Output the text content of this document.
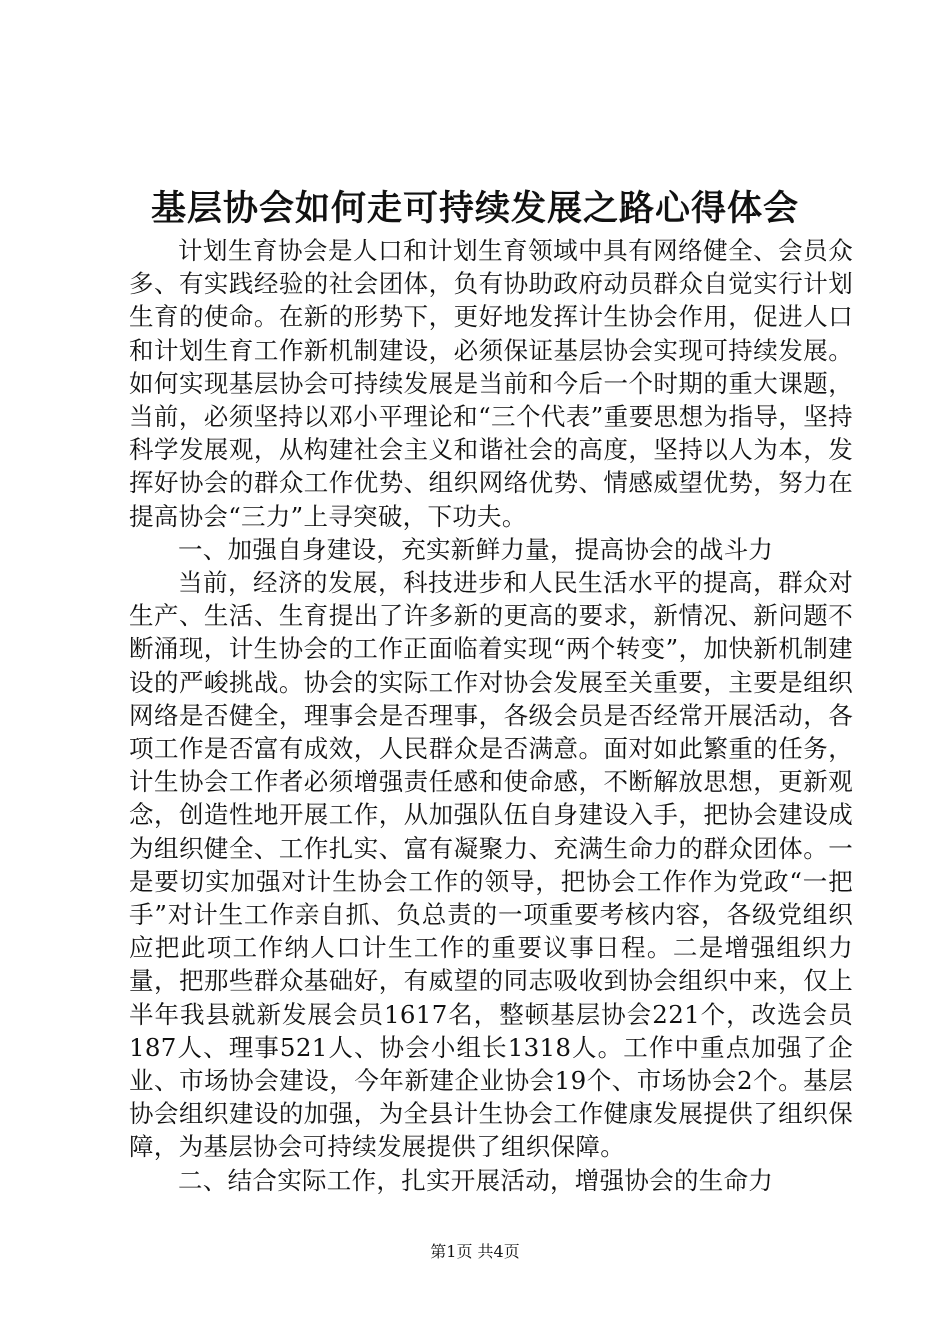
基层协会如何走可持续发展之路心得体会

计划生育协会是人口和计划生育领域中具有网络健全、会员众多、有实践经验的社会团体，负有协助政府动员群众自觉实行计划生育的使命。在新的形势下，更好地发挥计生协会作用，促进人口和计划生育工作新机制建设，必须保证基层协会实现可持续发展。如何实现基层协会可持续发展是当前和今后一个时期的重大课题，当前，必须坚持以邓小平理论和“三个代表”重要思想为指导，坚持科学发展观，从构建社会主义和谐社会的高度，坚持以人为本，发挥好协会的群众工作优势、组织网络优势、情感威望优势，努力在提高协会“三力”上寻突破，下功夫。

一、加强自身建设，充实新鲜力量，提高协会的战斗力

当前，经济的发展，科技进步和人民生活水平的提高，群众对生产、生活、生育提出了许多新的更高的要求，新情况、新问题不断涌现，计生协会的工作正面临着实现“两个转变”，加快新机制建设的严峻挑战。协会的实际工作对协会发展至关重要，主要是组织网络是否健全，理事会是否理事，各级会员是否经常开展活动，各项工作是否富有成效，人民群众是否满意。面对如此繁重的任务，计生协会工作者必须增强责任感和使命感，不断解放思想，更新观念，创造性地开展工作，从加强队伍自身建设入手，把协会建设成为组织健全、工作扎实、富有凝聚力、充满生命力的群众团体。一是要切实加强对计生协会工作的领导，把协会工作作为党政“一把手”对计生工作亲自抓、负总责的一项重要考核内容，各级党组织应把此项工作纳人口计生工作的重要议事日程。二是增强组织力量，把那些群众基础好，有威望的同志吸收到协会组织中来，仅上半年我县就新发展会员1617名，整顿基层协会221个，改选会员187人、理事521人、协会小组长1318人。工作中重点加强了企业、市场协会建设，今年新建企业协会19个、市场协会2个。基层协会组织建设的加强，为全县计生协会工作健康发展提供了组织保障，为基层协会可持续发展提供了组织保障。

二、结合实际工作，扎实开展活动，增强协会的生命力

第1页 共4页
